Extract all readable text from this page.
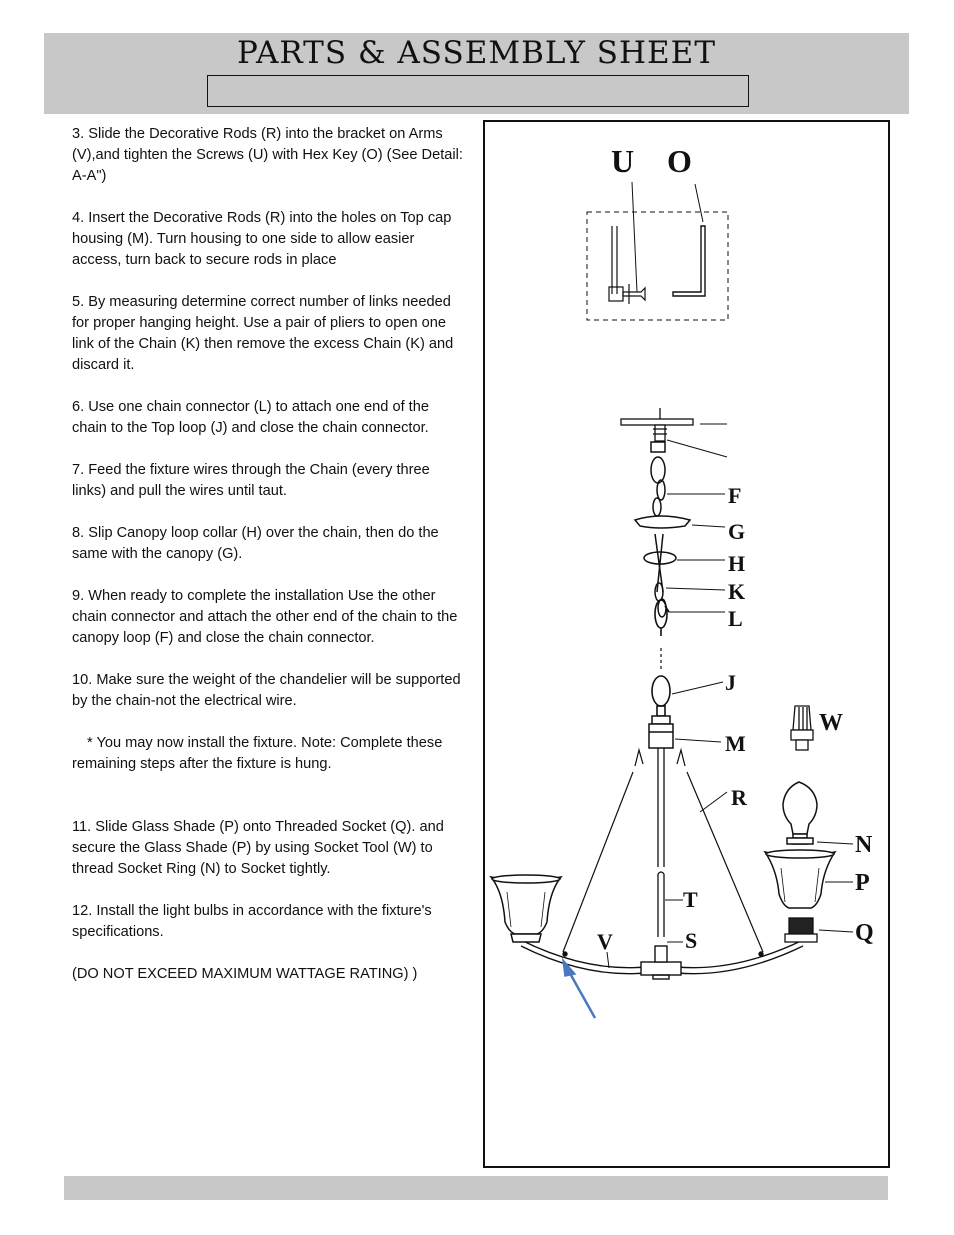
PARTS & ASSEMBLY SHEET
3. Slide the Decorative Rods (R) into the bracket on Arms (V),and tighten the Screws (U) with Hex Key (O) (See Detail: A-A")
4. Insert the Decorative Rods (R) into the holes on Top cap housing (M). Turn housing to one side to allow easier access, turn back to secure rods in place
5. By measuring determine correct number of links needed for proper hanging height. Use a pair of pliers to open one link of the Chain (K) then remove the excess Chain (K) and discard it.
6. Use one chain connector (L) to attach one end of the chain to the Top loop (J) and close the chain connector.
7. Feed the fixture wires through the Chain (every three links) and pull the wires until taut.
8. Slip Canopy loop collar (H) over the chain, then do the same with the canopy (G).
9. When ready to complete the installation Use the other chain connector and attach the other end of the chain to the canopy loop (F) and close the chain connector.
10. Make sure the weight of the chandelier will be supported by the chain-not the electrical wire.
* You may now install the fixture. Note: Complete these remaining steps after the fixture is hung.
11. Slide Glass Shade (P) onto Threaded Socket (Q). and secure the Glass Shade (P) by using Socket Tool (W) to thread Socket Ring (N) to Socket tightly.
12. Install the light bulbs in accordance with the fixture's specifications.
(DO NOT EXCEED MAXIMUM WATTAGE RATING) )
U O
F
G
H
K
L
J
M
W
R
T
S
V
N
P
Q
